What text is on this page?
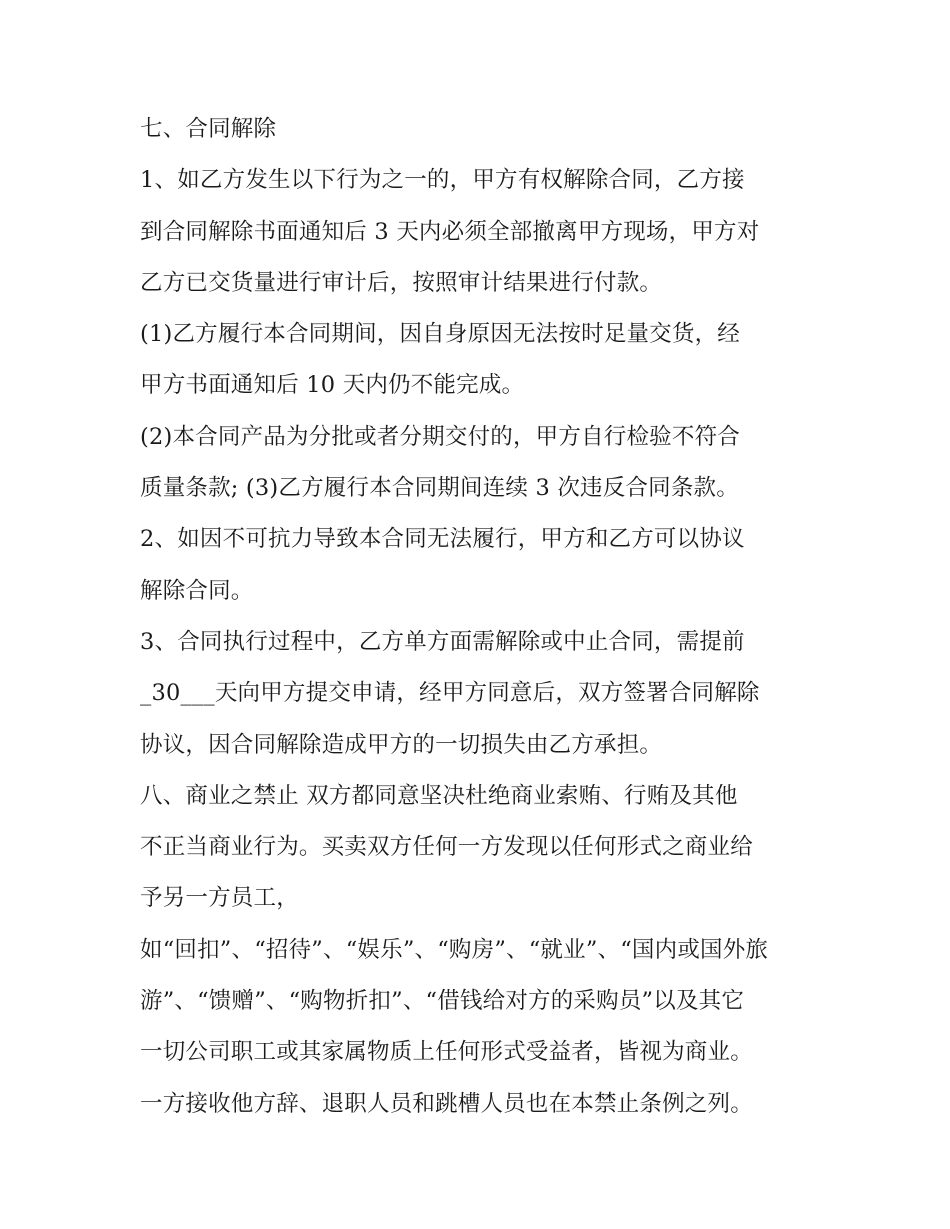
七、合同解除
1、如乙方发生以下行为之一的，甲方有权解除合同，乙方接
到合同解除书面通知后 3 天内必须全部撤离甲方现场，甲方对
乙方已交货量进行审计后，按照审计结果进行付款。
(1)乙方履行本合同期间，因自身原因无法按时足量交货，经
甲方书面通知后 10 天内仍不能完成。
(2)本合同产品为分批或者分期交付的，甲方自行检验不符合
质量条款; (3)乙方履行本合同期间连续 3 次违反合同条款。
2、如因不可抗力导致本合同无法履行，甲方和乙方可以协议
解除合同。
3、合同执行过程中，乙方单方面需解除或中止合同，需提前
_30___天向甲方提交申请，经甲方同意后，双方签署合同解除
协议，因合同解除造成甲方的一切损失由乙方承担。
八、商业之禁止 双方都同意坚决杜绝商业索贿、行贿及其他
不正当商业行为。买卖双方任何一方发现以任何形式之商业给
予另一方员工，
如“回扣”、“招待”、“娱乐”、“购房”、“就业”、“国内或国外旅
游”、“馈赠”、“购物折扣”、“借钱给对方的采购员”以及其它
一切公司职工或其家属物质上任何形式受益者，皆视为商业。
一方接收他方辞、退职人员和跳槽人员也在本禁止条例之列。
